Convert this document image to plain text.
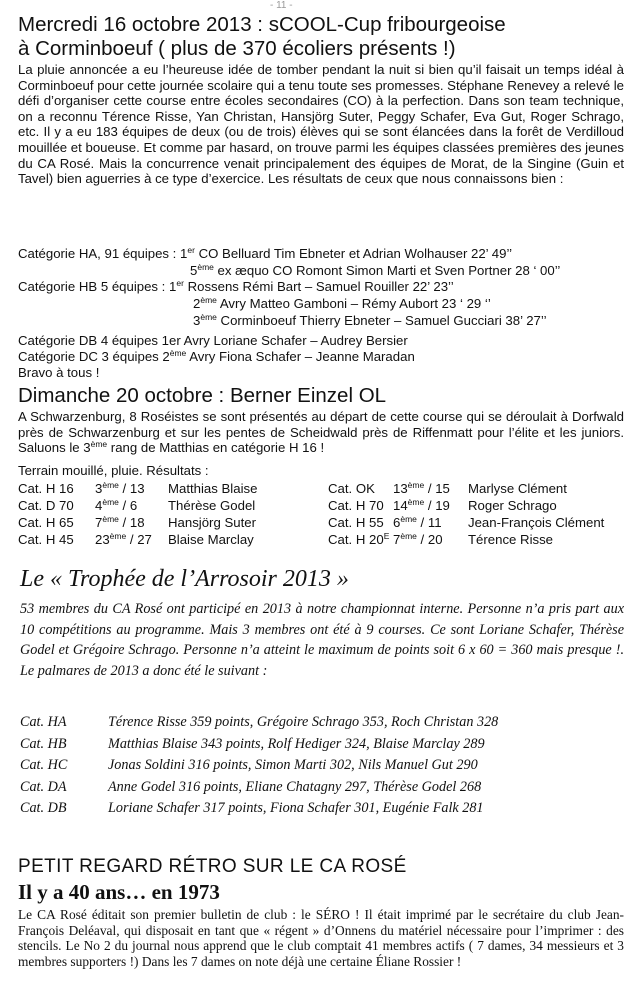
- 11 -
Mercredi 16 octobre 2013 : sCOOL-Cup fribourgeoise
à Corminboeuf ( plus de 370 écoliers présents !)
La pluie annoncée a eu l’heureuse idée de tomber pendant la nuit si bien qu’il faisait un temps idéal à Corminboeuf pour cette journée scolaire qui a tenu toute ses promesses. Stéphane Renevey a relevé le défi d’organiser cette course entre écoles secondaires (CO) à la perfection. Dans son team technique, on a reconnu Térence Risse, Yan Christan, Hansjörg Suter, Peggy Schafer, Eva Gut, Roger Schrago, etc. Il y a eu 183 équipes de deux (ou de trois) élèves qui se sont élancées dans la forêt de Verdilloud mouillée et boueuse. Et comme par hasard, on trouve parmi les équipes classées premières des jeunes du CA Rosé. Mais la concurrence venait principalement des équipes de Morat, de la Singine (Guin et Tavel) bien aguerries à ce type d’exercice. Les résultats de ceux que nous connaissons bien :
Catégorie HA, 91 équipes : 1er CO Belluard Tim Ebneter et Adrian Wolhauser 22’ 49’’
5ème ex æquo CO Romont Simon Marti et Sven Portner 28 ‘ 00’’
Catégorie HB 5 équipes : 1er Rossens Rémi Bart – Samuel Rouiller 22’ 23’’
2ème Avry Matteo Gamboni – Rémy Aubort 23 ‘ 29 ‘’
3ème Corminboeuf Thierry Ebneter – Samuel Gucciari 38’ 27’’
Catégorie DB 4 équipes 1er Avry Loriane Schafer – Audrey Bersier
Catégorie DC 3 équipes 2ème Avry Fiona Schafer – Jeanne Maradan
Bravo à tous !
Dimanche 20 octobre : Berner Einzel OL
A Schwarzenburg, 8 Roséistes se sont présentés au départ de cette course qui se déroulait à Dorfwald près de Schwarzenburg et sur les pentes de Scheidwald près de Riffenmatt pour l’élite et les juniors. Saluons le 3ème rang de Matthias en catégorie H 16 !
Terrain mouillé, pluie. Résultats :
Cat. H 16 3ème / 13 Matthias Blaise
Cat. D 70 4ème / 6 Thérèse Godel
Cat. H 65 7ème / 18 Hansjörg Suter
Cat. H 45 23ème / 27 Blaise Marclay
Cat. OK 13ème / 15 Marlyse Clément
Cat. H 70 14ème / 19 Roger Schrago
Cat. H 55 6ème / 11 Jean-François Clément
Cat. H $20^E$ 7ème / 20 Térence Risse
Le « Trophée de l’Arrosoir 2013 »
53 membres du CA Rosé ont participé en 2013 à notre championnat interne. Personne n’a pris part aux 10 compétitions au programme. Mais 3 membres ont été à 9 courses. Ce sont Loriane Schafer, Thérèse Godel et Grégoire Schrago. Personne n’a atteint le maximum de points soit 6 x 60 = 360 mais presque !. Le palmares de 2013 a donc été le suivant :
Cat. HA	Térence Risse 359 points, Grégoire Schrago 353, Roch Christan 328
Cat. HB	Matthias Blaise 343 points, Rolf Hediger 324, Blaise Marclay 289
Cat. HC	Jonas Soldini 316 points, Simon Marti 302, Nils Manuel Gut 290
Cat. DA	Anne Godel 316 points, Eliane Chatagny 297, Thérèse Godel 268
Cat. DB	Loriane Schafer 317 points, Fiona Schafer 301, Eugénie Falk 281
PETIT REGARD RÉTRO SUR LE CA ROSÉ
Il y a 40 ans… en 1973
Le CA Rosé éditait son premier bulletin de club : le SÉRO ! Il était imprimé par le secrétaire du club Jean-François Deléaval, qui disposait en tant que « régent » d’Onnens du matériel nécessaire pour l’imprimer : des stencils. Le No 2 du journal nous apprend que le club comptait 41 membres actifs ( 7 dames, 34 messieurs et 3 membres supporters !) Dans les 7 dames on note déjà une certaine Éliane Rossier !
